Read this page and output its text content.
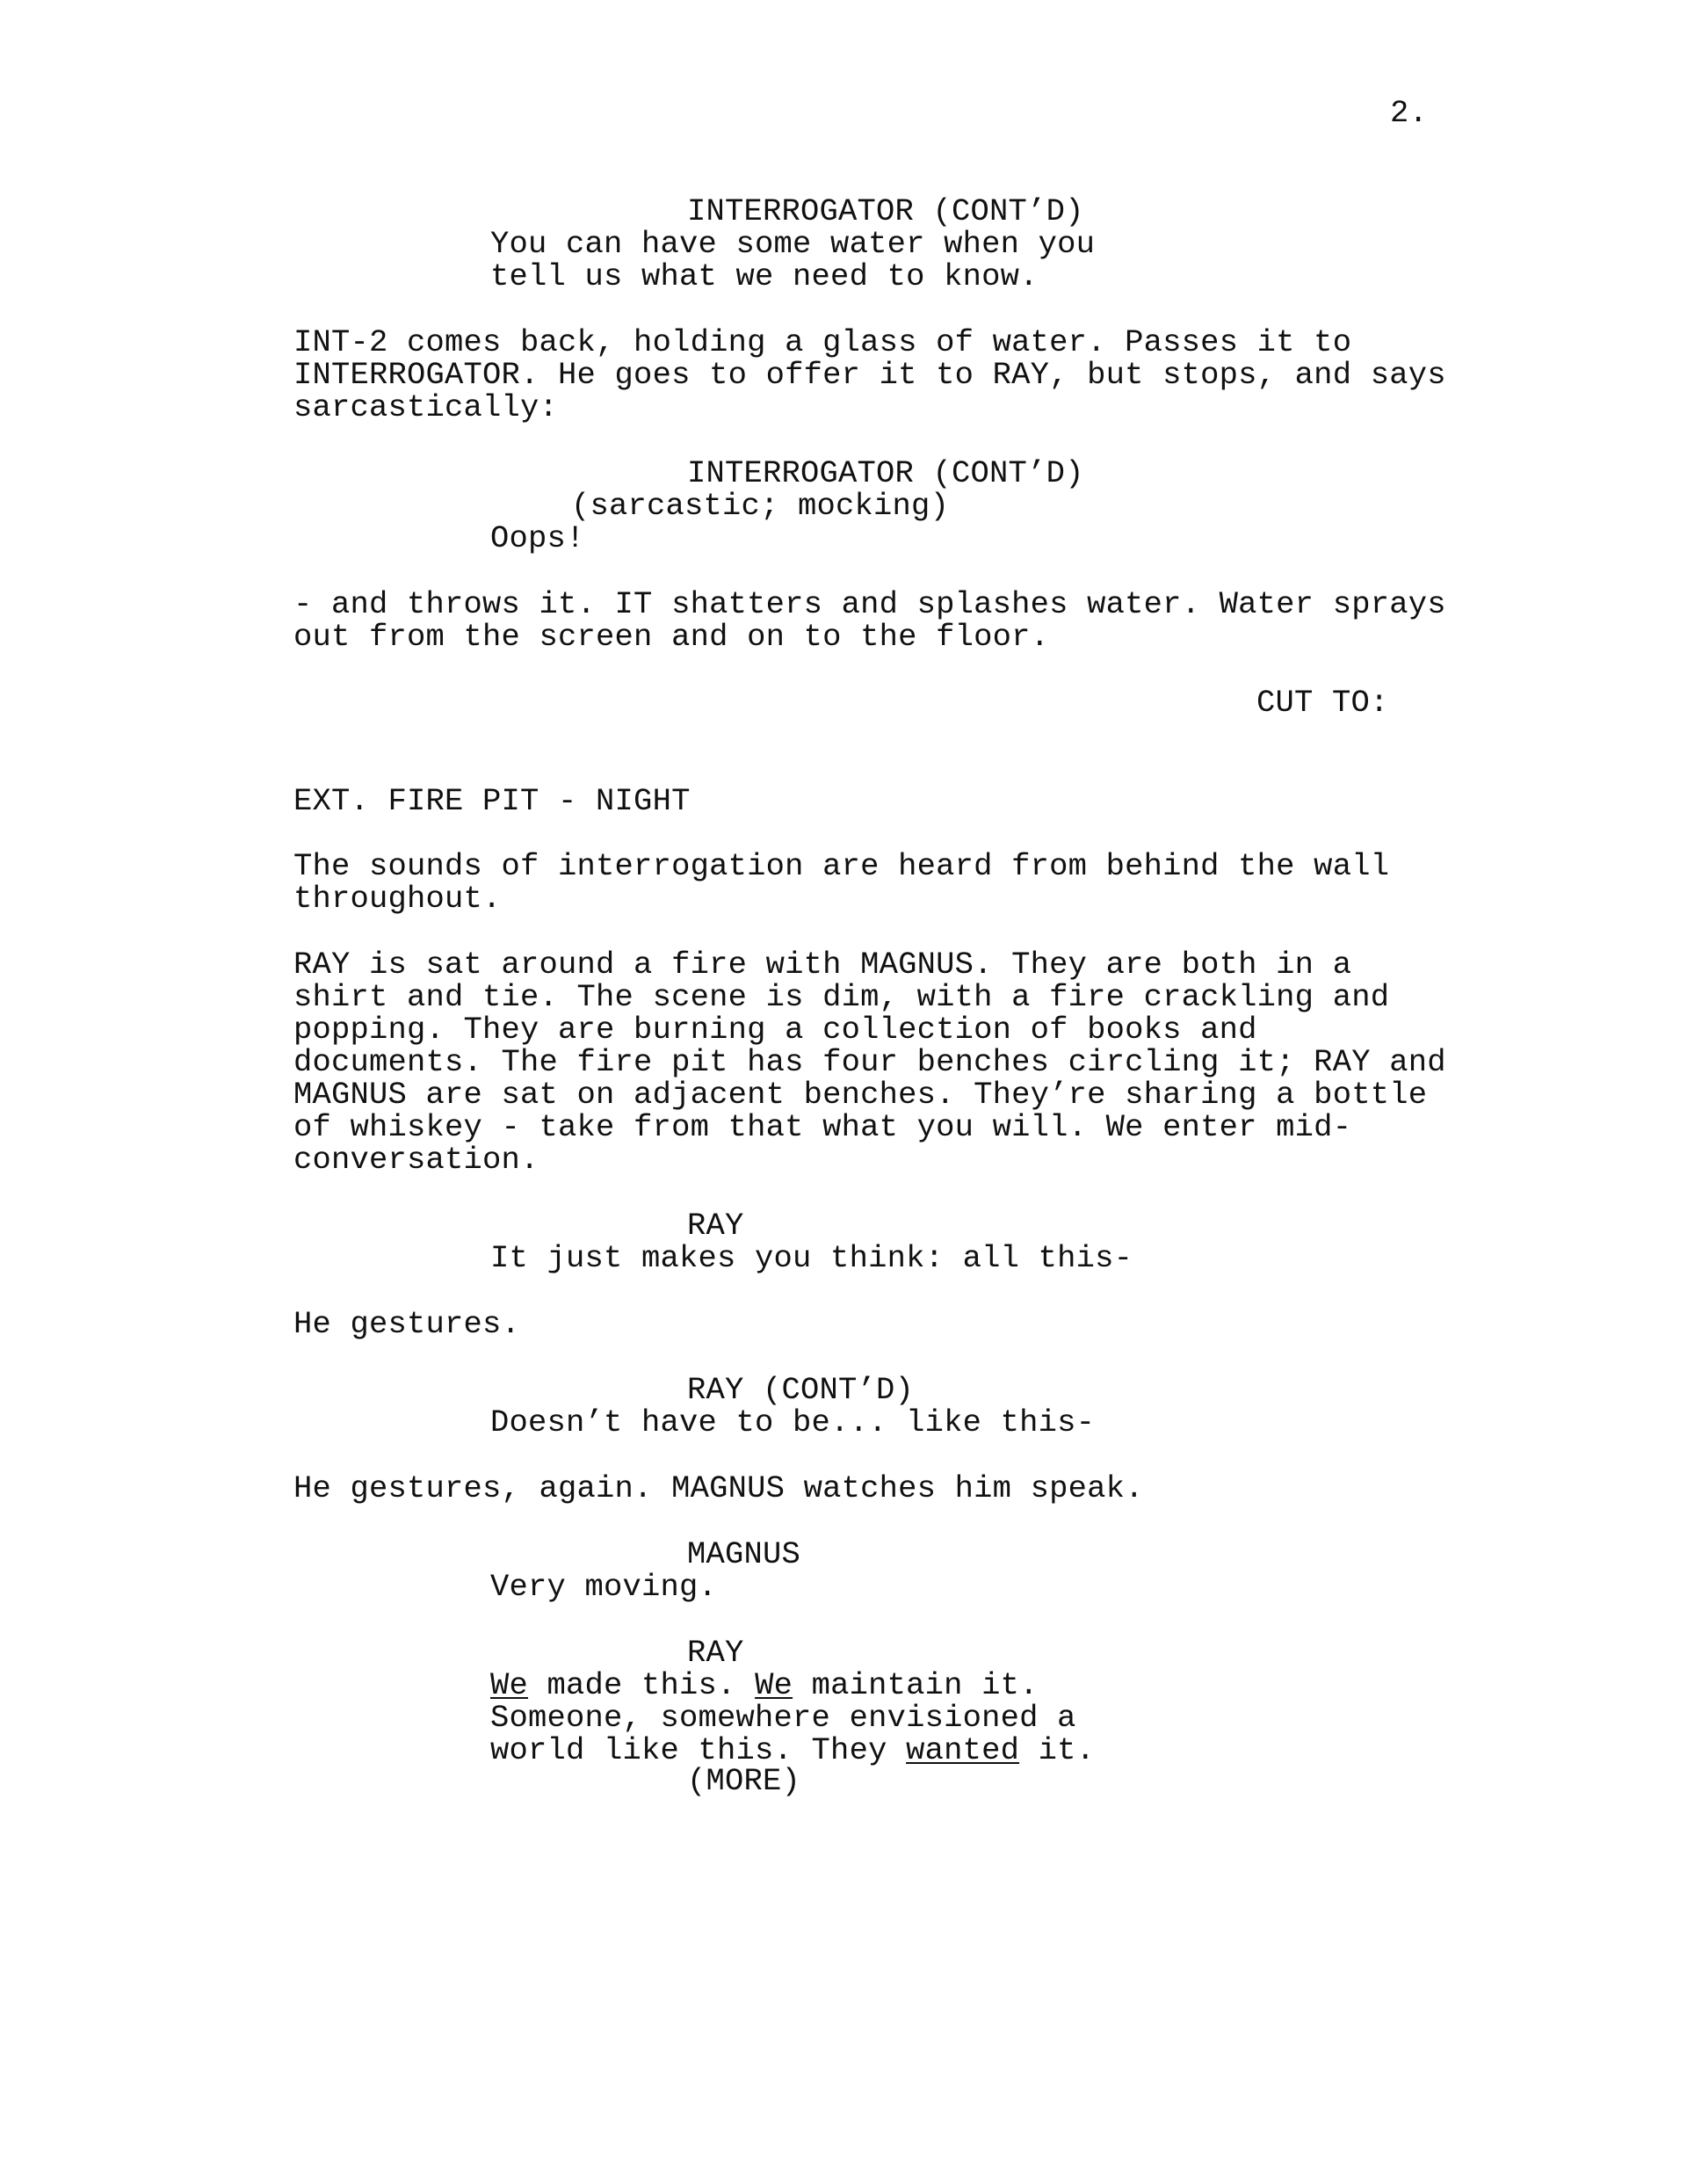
2.
INTERROGATOR (CONT’D)
You can have some water when you
tell us what we need to know.
INT-2 comes back, holding a glass of water. Passes it to
INTERROGATOR. He goes to offer it to RAY, but stops, and says
sarcastically:
INTERROGATOR (CONT’D)
(sarcastic; mocking)
Oops!
- and throws it. IT shatters and splashes water. Water sprays
out from the screen and on to the floor.
CUT TO:
EXT. FIRE PIT - NIGHT
The sounds of interrogation are heard from behind the wall
throughout.
RAY is sat around a fire with MAGNUS. They are both in a
shirt and tie. The scene is dim, with a fire crackling and
popping. They are burning a collection of books and
documents. The fire pit has four benches circling it; RAY and
MAGNUS are sat on adjacent benches. They’re sharing a bottle
of whiskey - take from that what you will. We enter mid-
conversation.
RAY
It just makes you think: all this-
He gestures.
RAY (CONT’D)
Doesn’t have to be... like this-
He gestures, again. MAGNUS watches him speak.
MAGNUS
Very moving.
RAY
We made this. We maintain it.
Someone, somewhere envisioned a
world like this. They wanted it.
(MORE)
